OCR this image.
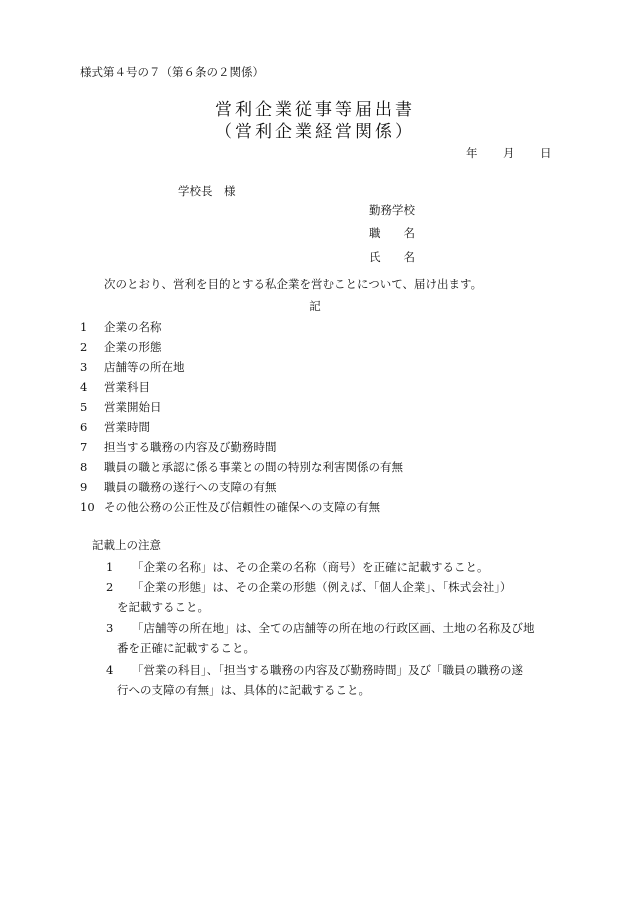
様式第４号の７（第６条の２関係）
営利企業従事等届出書
（営利企業経営関係）
年 月 日
学校長　様
勤務学校
職　　名
氏　　名
次のとおり、営利を目的とする私企業を営むことについて、届け出ます。
記
1 企業の名称
2 企業の形態
3 店舗等の所在地
4 営業科目
5 営業開始日
6 営業時間
7 担当する職務の内容及び勤務時間
8 職員の職と承認に係る事業との間の特別な利害関係の有無
9 職員の職務の遂行への支障の有無
10 その他公務の公正性及び信頼性の確保への支障の有無
記載上の注意
1 「企業の名称」は、その企業の名称（商号）を正確に記載すること。
2 「企業の形態」は、その企業の形態（例えば、「個人企業」、「株式会社」）
を記載すること。
3 「店舗等の所在地」は、全ての店舗等の所在地の行政区画、土地の名称及び地
番を正確に記載すること。
4 「営業の科目」、「担当する職務の内容及び勤務時間」及び「職員の職務の遂
行への支障の有無」は、具体的に記載すること。
